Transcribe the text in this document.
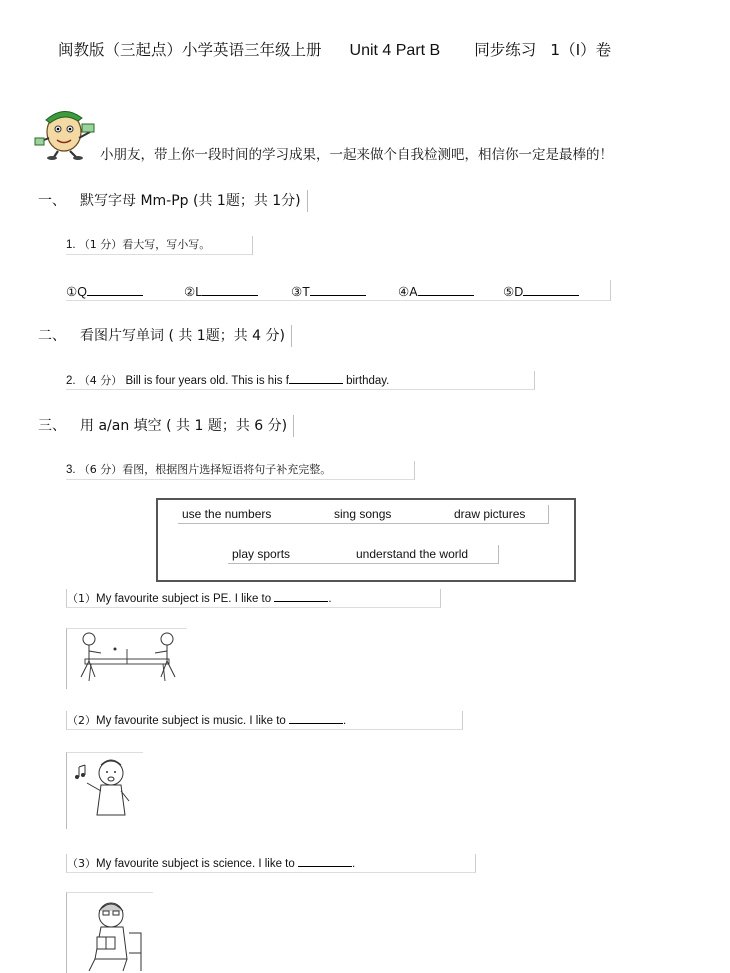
闽教版（三起点）小学英语三年级上册 Unit 4 Part B 同步练习 1（I）卷
小朋友，带上你一段时间的学习成果，一起来做个自我检测吧，相信你一定是最棒的！
一、 默写字母 Mm-Pp (共 1题；共 1分)
1. （1 分）看大写，写小写。
①Q	②L	③T	④A	⑤D
二、 看图片写单词 ( 共 1题；共 4 分)
2. （4 分） Bill is four years old. This is his f	birthday.
三、 用 a/an 填空 ( 共 1 题；共 6 分)
3. （6 分）看图，根据图片选择短语将句子补充完整。
use the numbers	sing songs	draw pictures
play sports	understand the world
（1）My favourite subject is PE. I like to	.
（2）My favourite subject is music. I like to	.
（3）My favourite subject is science. I like to	.
